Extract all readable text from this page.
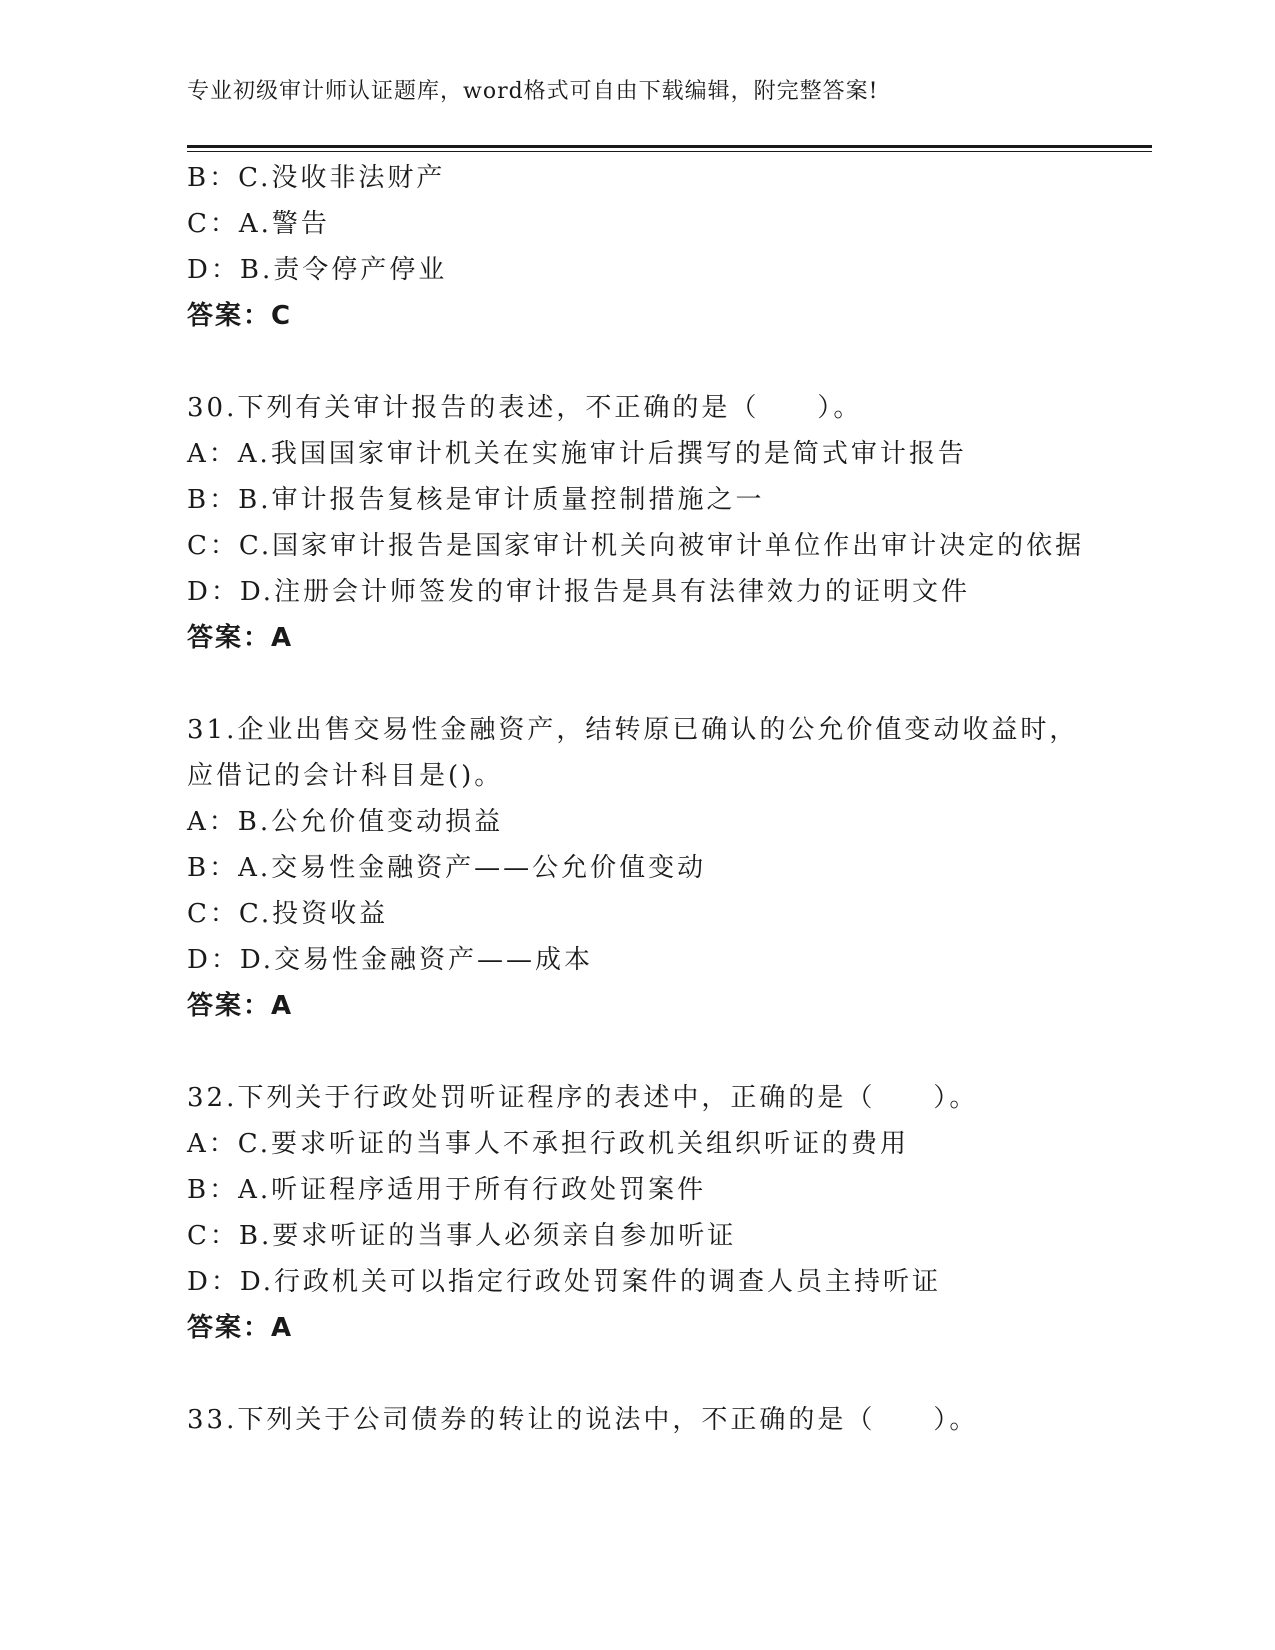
专业初级审计师认证题库，word格式可自由下载编辑，附完整答案!
B：C.没收非法财产
C：A.警告
D：B.责令停产停业
答案：C
30.下列有关审计报告的表述，不正确的是（　　）。
A：A.我国国家审计机关在实施审计后撰写的是简式审计报告
B：B.审计报告复核是审计质量控制措施之一
C：C.国家审计报告是国家审计机关向被审计单位作出审计决定的依据
D：D.注册会计师签发的审计报告是具有法律效力的证明文件
答案：A
31.企业出售交易性金融资产，结转原已确认的公允价值变动收益时，
应借记的会计科目是()。
A：B.公允价值变动损益
B：A.交易性金融资产——公允价值变动
C：C.投资收益
D：D.交易性金融资产——成本
答案：A
32.下列关于行政处罚听证程序的表述中，正确的是（　　）。
A：C.要求听证的当事人不承担行政机关组织听证的费用
B：A.听证程序适用于所有行政处罚案件
C：B.要求听证的当事人必须亲自参加听证
D：D.行政机关可以指定行政处罚案件的调查人员主持听证
答案：A
33.下列关于公司债券的转让的说法中，不正确的是（　　）。
